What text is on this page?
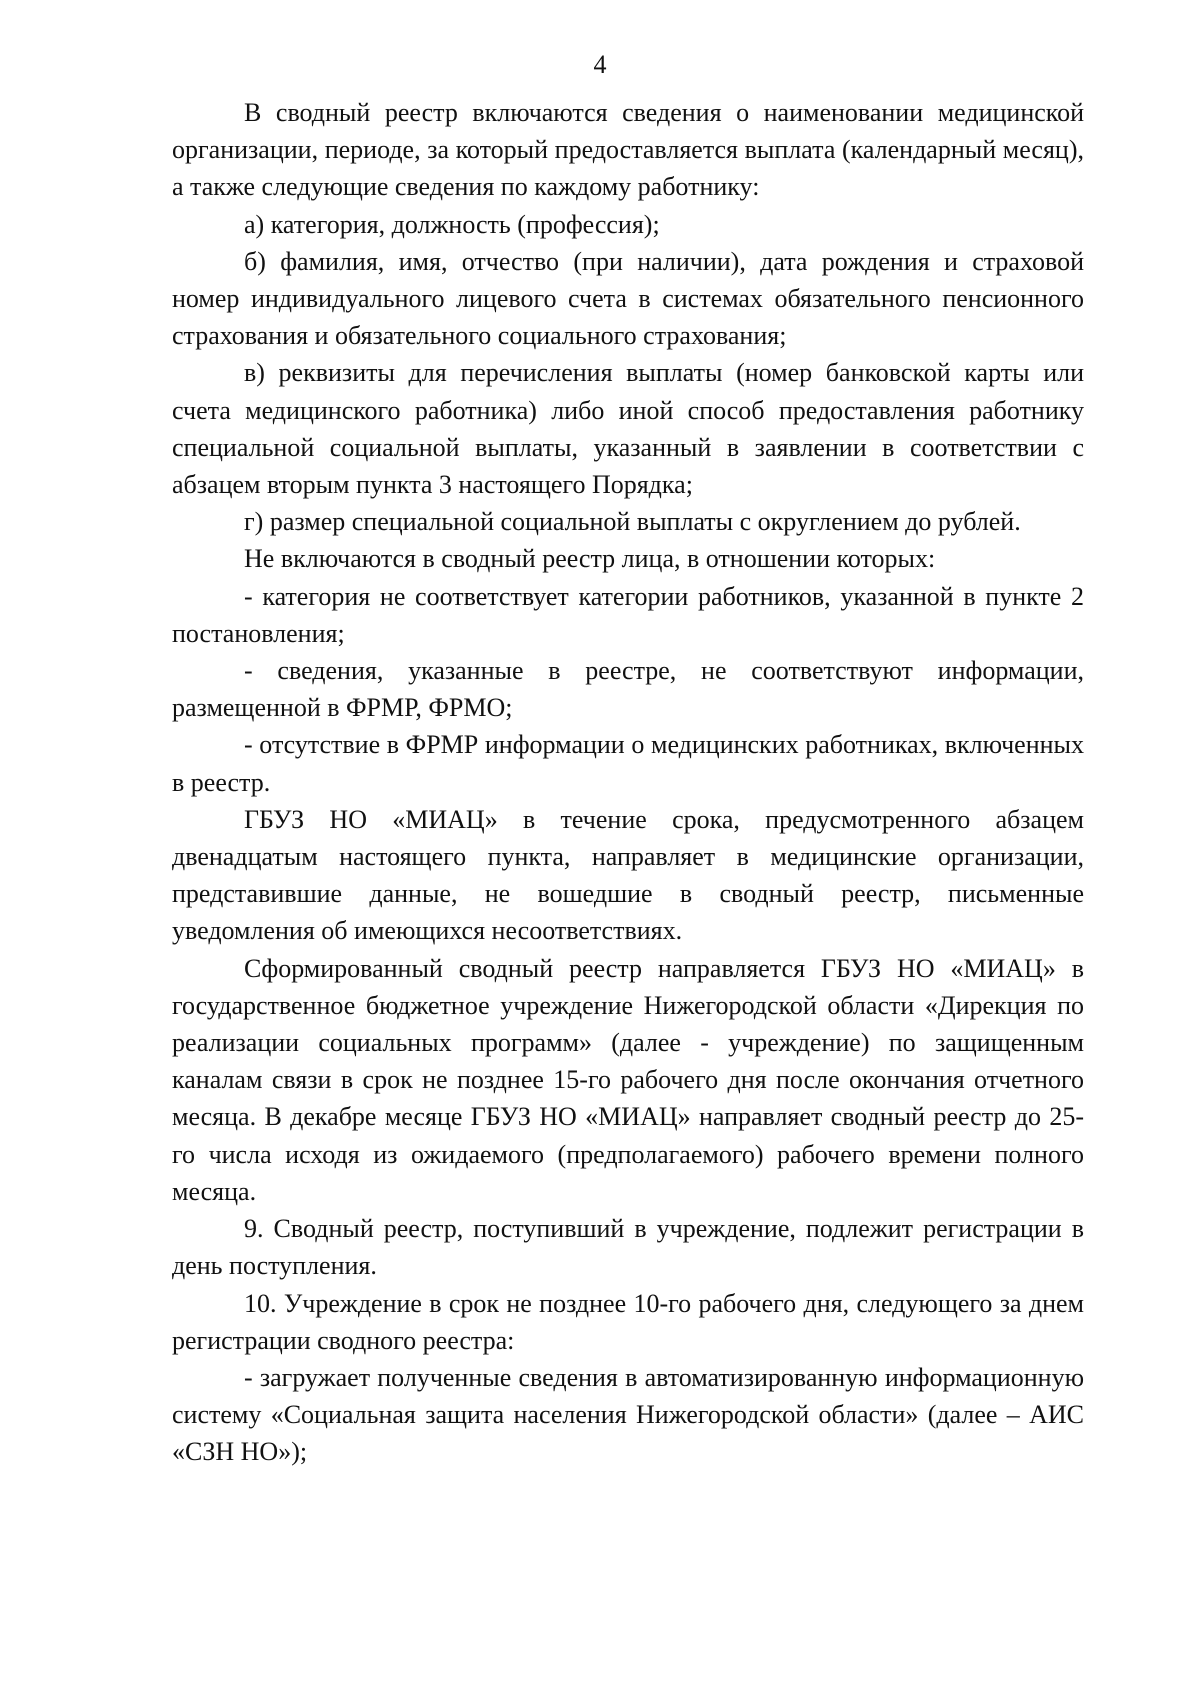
4

В сводный реестр включаются сведения о наименовании медицинской организации, периоде, за который предоставляется выплата (календарный месяц), а также следующие сведения по каждому работнику:

а) категория, должность (профессия);

б) фамилия, имя, отчество (при наличии), дата рождения и страховой номер индивидуального лицевого счета в системах обязательного пенсионного страхования и обязательного социального страхования;

в) реквизиты для перечисления выплаты (номер банковской карты или счета медицинского работника) либо иной способ предоставления работнику специальной социальной выплаты, указанный в заявлении в соответствии с абзацем вторым пункта 3 настоящего Порядка;

г) размер специальной социальной выплаты с округлением до рублей.

Не включаются в сводный реестр лица, в отношении которых:

- категория не соответствует категории работников, указанной в пункте 2 постановления;

- сведения, указанные в реестре, не соответствуют информации, размещенной в ФРМР, ФРМО;

- отсутствие в ФРМР информации о медицинских работниках, включенных в реестр.

ГБУЗ НО «МИАЦ» в течение срока, предусмотренного абзацем двенадцатым настоящего пункта, направляет в медицинские организации, представившие данные, не вошедшие в сводный реестр, письменные уведомления об имеющихся несоответствиях.

Сформированный сводный реестр направляется ГБУЗ НО «МИАЦ» в государственное бюджетное учреждение Нижегородской области «Дирекция по реализации социальных программ» (далее - учреждение) по защищенным каналам связи в срок не позднее 15-го рабочего дня после окончания отчетного месяца. В декабре месяце ГБУЗ НО «МИАЦ» направляет сводный реестр до 25-го числа исходя из ожидаемого (предполагаемого) рабочего времени полного месяца.

9. Сводный реестр, поступивший в учреждение, подлежит регистрации в день поступления.

10. Учреждение в срок не позднее 10-го рабочего дня, следующего за днем регистрации сводного реестра:

- загружает полученные сведения в автоматизированную информационную систему «Социальная защита населения Нижегородской области» (далее – АИС «СЗН НО»);
